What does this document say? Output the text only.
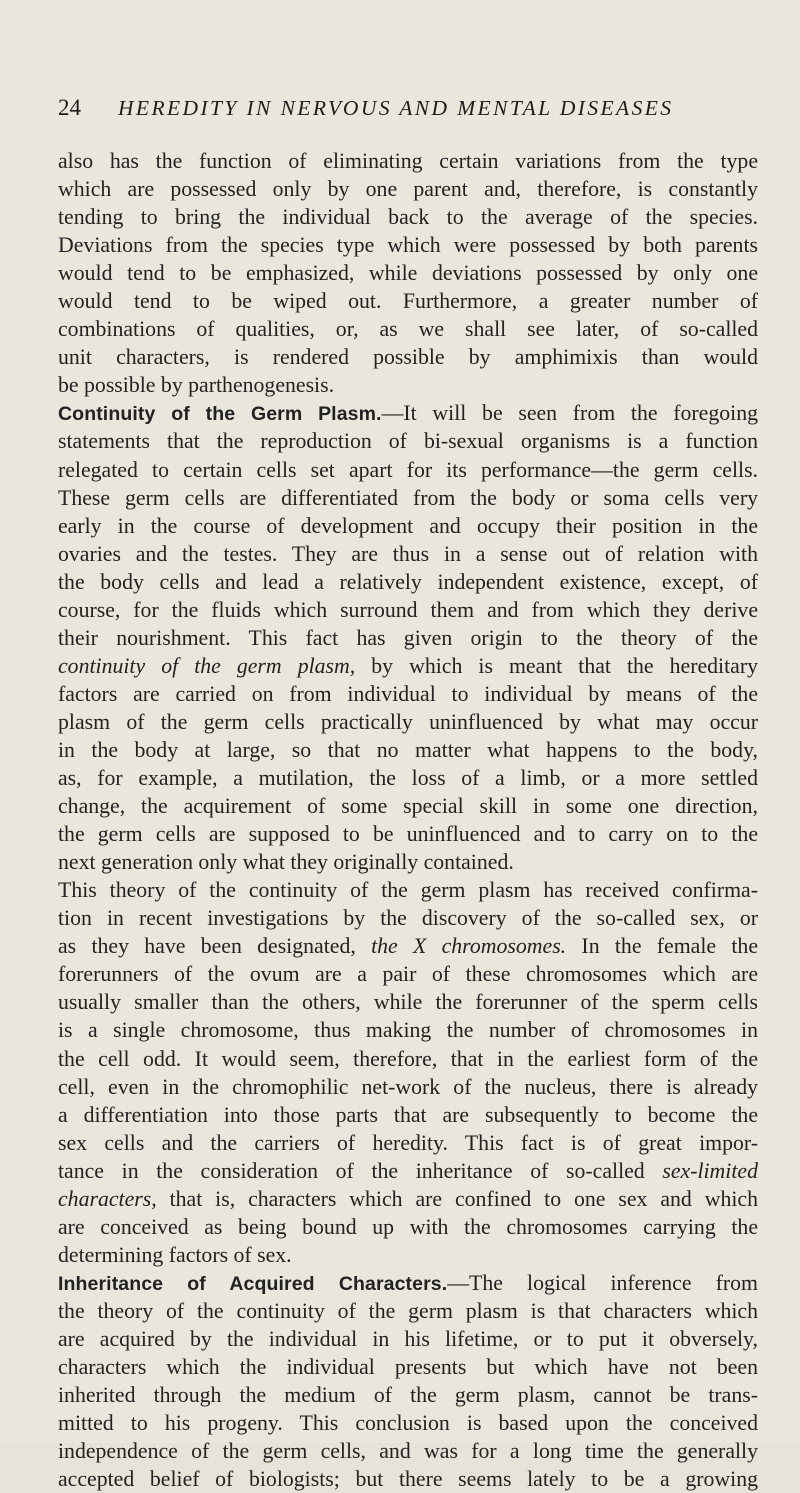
24 HEREDITY IN NERVOUS AND MENTAL DISEASES
also has the function of eliminating certain variations from the type
which are possessed only by one parent and, therefore, is constantly
tending to bring the individual back to the average of the species.
Deviations from the species type which were possessed by both parents
would tend to be emphasized, while deviations possessed by only one
would tend to be wiped out. Furthermore, a greater number of
combinations of qualities, or, as we shall see later, of so-called
unit characters, is rendered possible by amphimixis than would
be possible by parthenogenesis.
Continuity of the Germ Plasm.—It will be seen from the foregoing
statements that the reproduction of bi-sexual organisms is a function
relegated to certain cells set apart for its performance—the germ cells.
These germ cells are differentiated from the body or soma cells very
early in the course of development and occupy their position in the
ovaries and the testes. They are thus in a sense out of relation with
the body cells and lead a relatively independent existence, except, of
course, for the fluids which surround them and from which they derive
their nourishment. This fact has given origin to the theory of the
continuity of the germ plasm, by which is meant that the hereditary
factors are carried on from individual to individual by means of the
plasm of the germ cells practically uninfluenced by what may occur
in the body at large, so that no matter what happens to the body,
as, for example, a mutilation, the loss of a limb, or a more settled
change, the acquirement of some special skill in some one direction,
the germ cells are supposed to be uninfluenced and to carry on to the
next generation only what they originally contained.
This theory of the continuity of the germ plasm has received confirma-
tion in recent investigations by the discovery of the so-called sex, or
as they have been designated, the X chromosomes. In the female the
forerunners of the ovum are a pair of these chromosomes which are
usually smaller than the others, while the forerunner of the sperm cells
is a single chromosome, thus making the number of chromosomes in
the cell odd. It would seem, therefore, that in the earliest form of the
cell, even in the chromophilic net-work of the nucleus, there is already
a differentiation into those parts that are subsequently to become the
sex cells and the carriers of heredity. This fact is of great impor-
tance in the consideration of the inheritance of so-called sex-limited
characters, that is, characters which are confined to one sex and which
are conceived as being bound up with the chromosomes carrying the
determining factors of sex.
Inheritance of Acquired Characters.—The logical inference from
the theory of the continuity of the germ plasm is that characters which
are acquired by the individual in his lifetime, or to put it obversely,
characters which the individual presents but which have not been
inherited through the medium of the germ plasm, cannot be trans-
mitted to his progeny. This conclusion is based upon the conceived
independence of the germ cells, and was for a long time the generally
accepted belief of biologists; but there seems lately to be a growing
